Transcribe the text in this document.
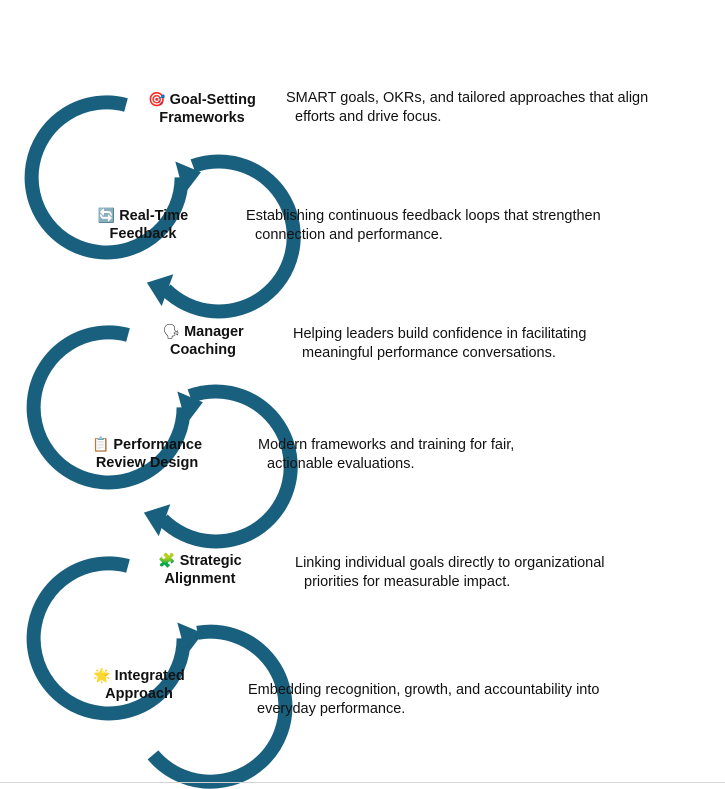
🎯 Goal-Setting
Frameworks
SMART goals, OKRs, and tailored approaches that align
efforts and drive focus.
🔄 Real-Time
Feedback
Establishing continuous feedback loops that strengthen
connection and performance.
🗣 Manager
Coaching
Helping leaders build confidence in facilitating
meaningful performance conversations.
📋 Performance
Review Design
Modern frameworks and training for fair,
actionable evaluations.
🧩 Strategic
Alignment
Linking individual goals directly to organizational
priorities for measurable impact.
🌟 Integrated
Approach	Embedding recognition, growth, and accountability into
everyday performance.
